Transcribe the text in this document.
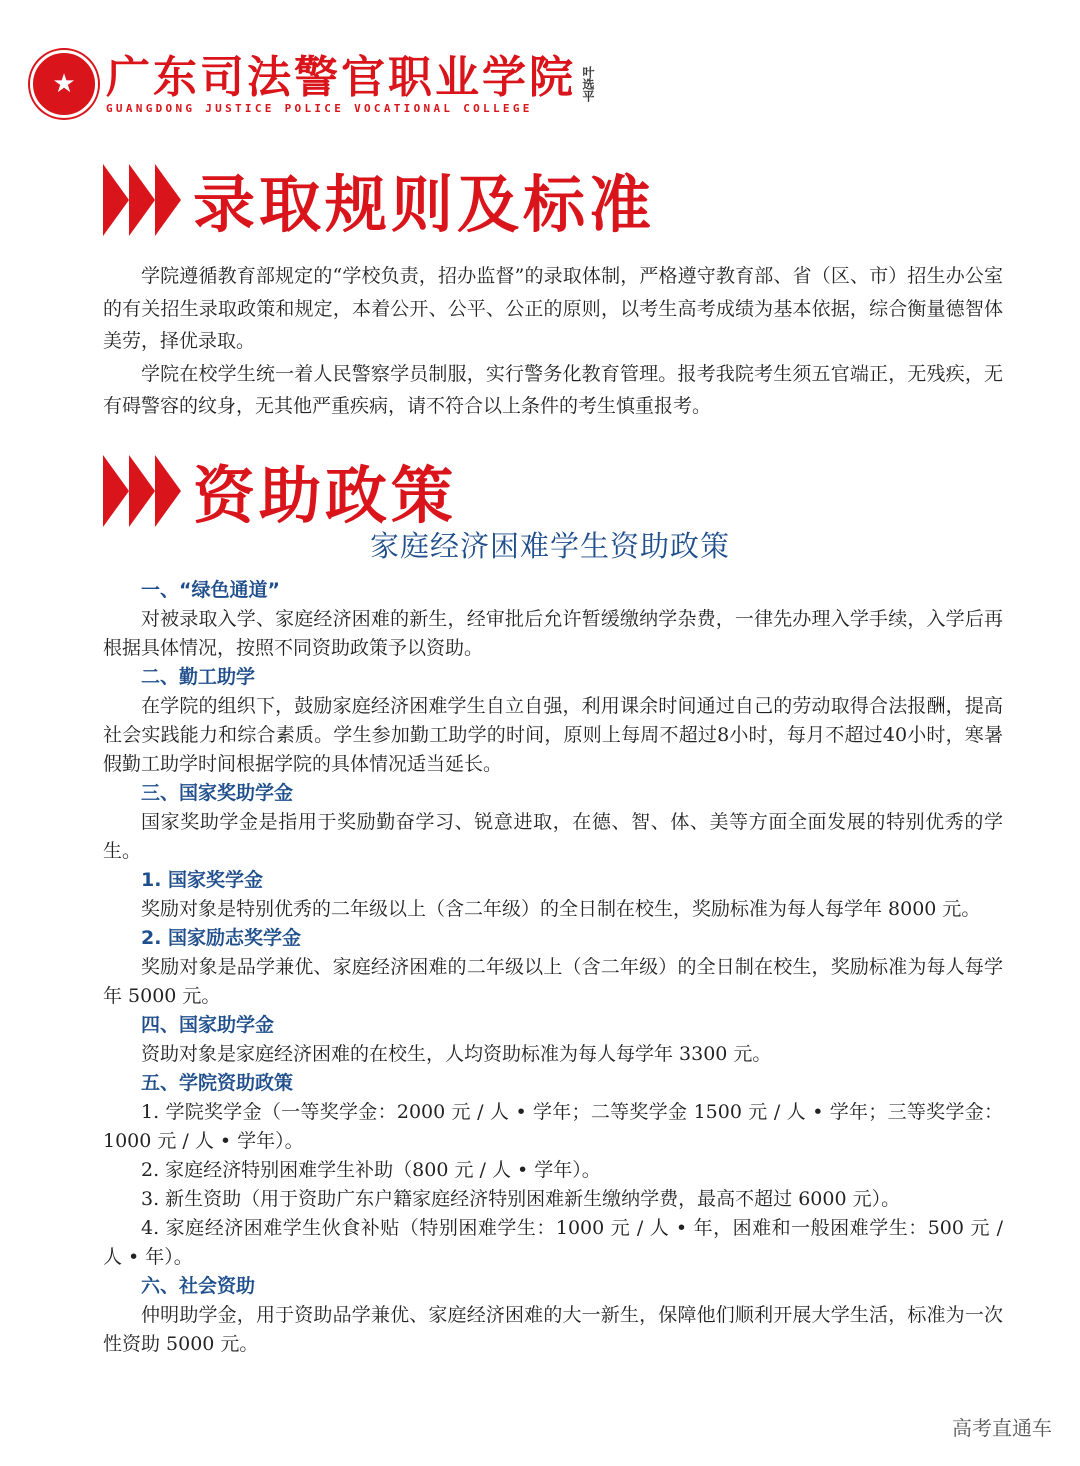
★ 广东司法警官职业学院
GUANGDONG JUSTICE POLICE VOCATIONAL COLLEGE
叶选平
录取规则及标准

学院遵循教育部规定的“学校负责，招办监督”的录取体制，严格遵守教育部、省（区、市）招生办公室的有关招生录取政策和规定，本着公开、公平、公正的原则，以考生高考成绩为基本依据，综合衡量德智体美劳，择优录取。

学院在校学生统一着人民警察学员制服，实行警务化教育管理。报考我院考生须五官端正，无残疾，无有碍警容的纹身，无其他严重疾病，请不符合以上条件的考生慎重报考。

资助政策
家庭经济困难学生资助政策
一、“绿色通道”

对被录取入学、家庭经济困难的新生，经审批后允许暂缓缴纳学杂费，一律先办理入学手续，入学后再根据具体情况，按照不同资助政策予以资助。

二、勤工助学

在学院的组织下，鼓励家庭经济困难学生自立自强，利用课余时间通过自己的劳动取得合法报酬，提高社会实践能力和综合素质。学生参加勤工助学的时间，原则上每周不超过8小时，每月不超过40小时，寒暑假勤工助学时间根据学院的具体情况适当延长。

三、国家奖助学金

国家奖助学金是指用于奖励勤奋学习、锐意进取，在德、智、体、美等方面全面发展的特别优秀的学生。

1. 国家奖学金

奖励对象是特别优秀的二年级以上（含二年级）的全日制在校生，奖励标准为每人每学年 8000 元。

2. 国家励志奖学金

奖励对象是品学兼优、家庭经济困难的二年级以上（含二年级）的全日制在校生，奖励标准为每人每学年 5000 元。

四、国家助学金

资助对象是家庭经济困难的在校生，人均资助标准为每人每学年 3300 元。

五、学院资助政策

1. 学院奖学金（一等奖学金：2000 元 / 人 • 学年；二等奖学金 1500 元 / 人 • 学年；三等奖学金：1000 元 / 人 • 学年）。

2. 家庭经济特别困难学生补助（800 元 / 人 • 学年）。

3. 新生资助（用于资助广东户籍家庭经济特别困难新生缴纳学费，最高不超过 6000 元）。

4. 家庭经济困难学生伙食补贴（特别困难学生：1000 元 / 人 • 年，困难和一般困难学生：500 元 / 人 • 年）。

六、社会资助

仲明助学金，用于资助品学兼优、家庭经济困难的大一新生，保障他们顺利开展大学生活，标准为一次性资助 5000 元。

高考直通车
